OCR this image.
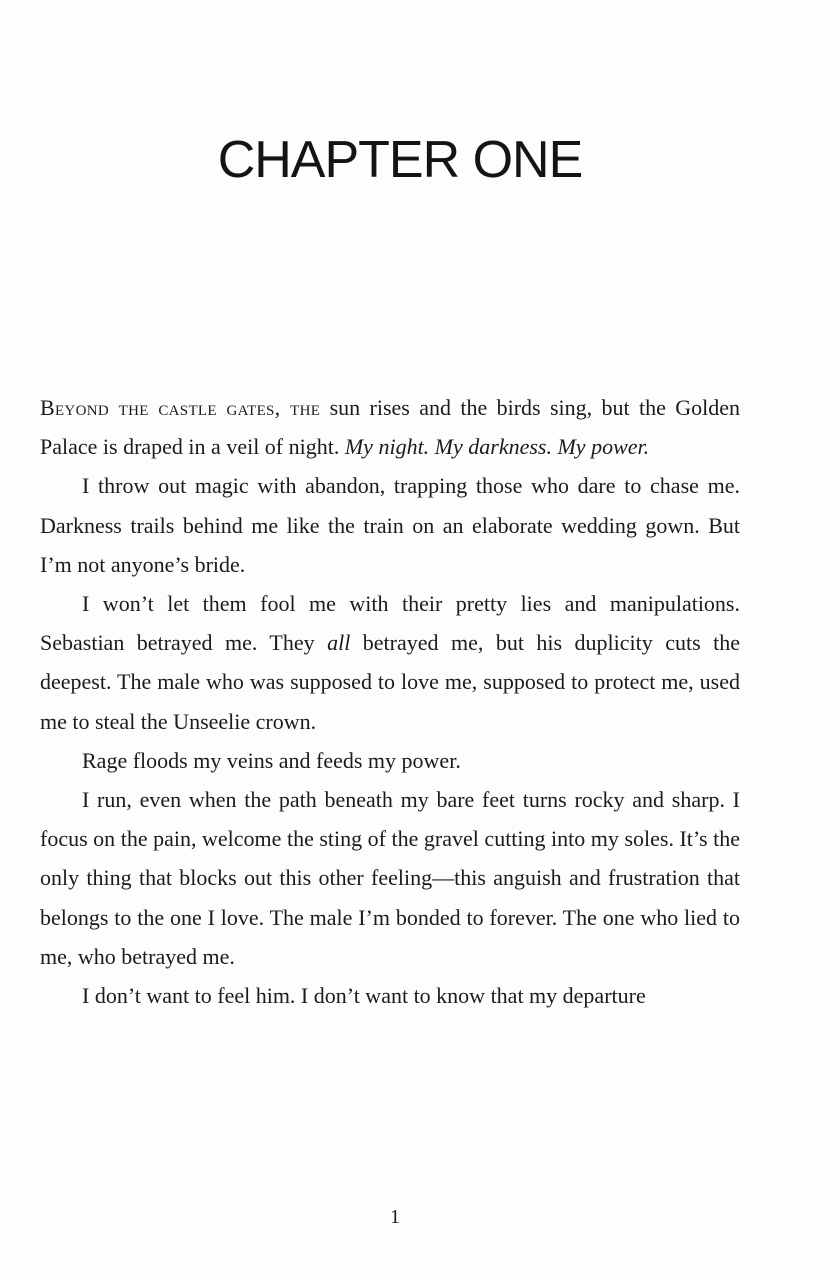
CHAPTER ONE

Beyond the castle gates, the sun rises and the birds sing, but the Golden Palace is draped in a veil of night. My night. My darkness. My power.

I throw out magic with abandon, trapping those who dare to chase me. Darkness trails behind me like the train on an elaborate wedding gown. But I’m not anyone’s bride.

I won’t let them fool me with their pretty lies and manipulations. Sebastian betrayed me. They all betrayed me, but his duplicity cuts the deepest. The male who was supposed to love me, supposed to protect me, used me to steal the Unseelie crown.

Rage floods my veins and feeds my power.

I run, even when the path beneath my bare feet turns rocky and sharp. I focus on the pain, welcome the sting of the gravel cutting into my soles. It’s the only thing that blocks out this other feeling—this anguish and frustration that belongs to the one I love. The male I’m bonded to forever. The one who lied to me, who betrayed me.

I don’t want to feel him. I don’t want to know that my departure

1
